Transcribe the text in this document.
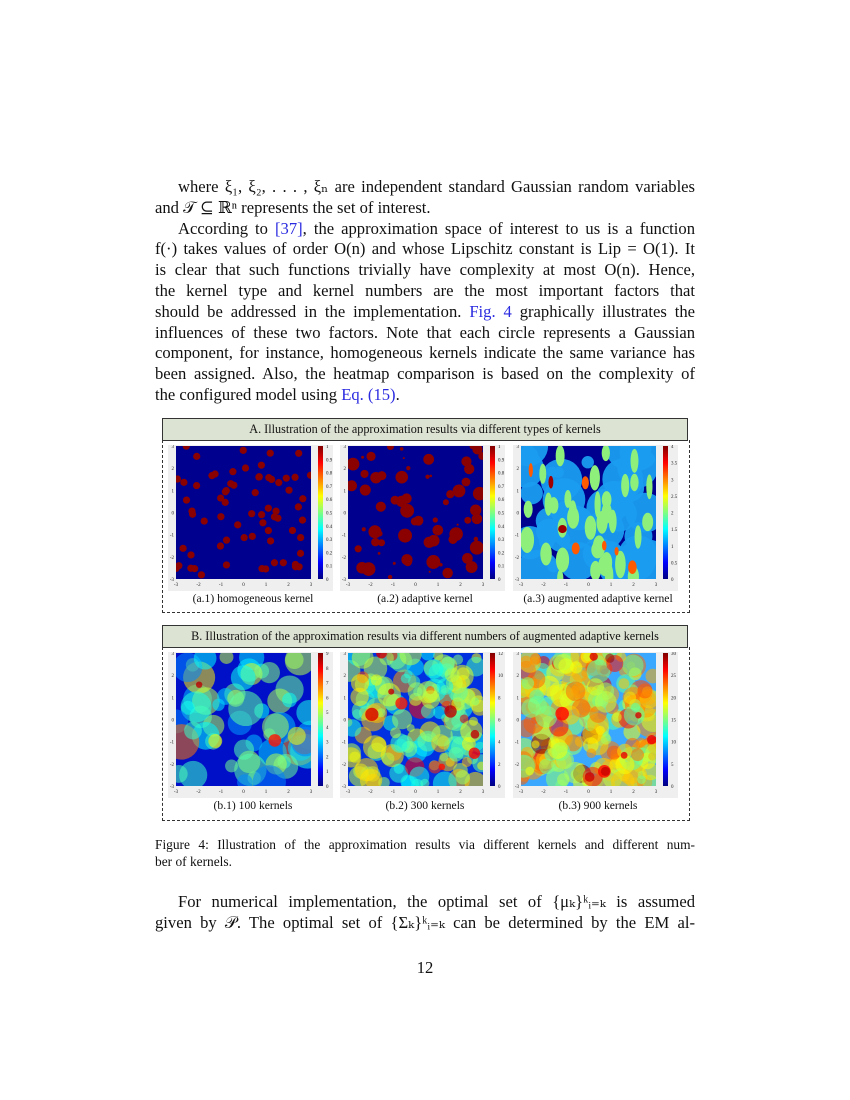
where ξ₁, ξ₂, . . . , ξₙ are independent standard Gaussian random variables
and 𝒯 ⊆ ℝⁿ represents the set of interest.
According to [37], the approximation space of interest to us is a function
f(·) takes values of order O(n) and whose Lipschitz constant is Lip = O(1). It
is clear that such functions trivially have complexity at most O(n). Hence,
the kernel type and kernel numbers are the most important factors that
should be addressed in the implementation. Fig. 4 graphically illustrates the
influences of these two factors. Note that each circle represents a Gaussian
component, for instance, homogeneous kernels indicate the same variance has
been assigned. Also, the heatmap comparison is based on the complexity of
the configured model using Eq. (15).
A. Illustration of the approximation results via different types of kernels
B. Illustration of the approximation results via different numbers of augmented adaptive kernels
0
0.1
0.2
0.3
0.4
0.5
0.6
0.7
0.8
0.9
1
-3
-3
-2
-2
-1
-1
0
0
1
1
2
2
3
3
(a.1) homogeneous kernel
0
0.1
0.2
0.3
0.4
0.5
0.6
0.7
0.8
0.9
1
-3
-3
-2
-2
-1
-1
0
0
1
1
2
2
3
3
(a.2) adaptive kernel
0
0.5
1
1.5
2
2.5
3
3.5
4
-3
-3
-2
-2
-1
-1
0
0
1
1
2
2
3
3
(a.3) augmented adaptive kernel
0
1
2
3
4
5
6
7
8
9
-3
-3
-2
-2
-1
-1
0
0
1
1
2
2
3
3
(b.1) 100 kernels
0
2
4
6
8
10
12
-3
-3
-2
-2
-1
-1
0
0
1
1
2
2
3
3
(b.2) 300 kernels
0
5
10
15
20
25
30
-3
-3
-2
-2
-1
-1
0
0
1
1
2
2
3
3
(b.3) 900 kernels
Figure 4: Illustration of the approximation results via different kernels and different num-
ber of kernels.
For numerical implementation, the optimal set of {μₖ}ᵏᵢ₌ₖ is assumed
given by 𝒫. The optimal set of {Σₖ}ᵏᵢ₌ₖ can be determined by the EM al-
12
